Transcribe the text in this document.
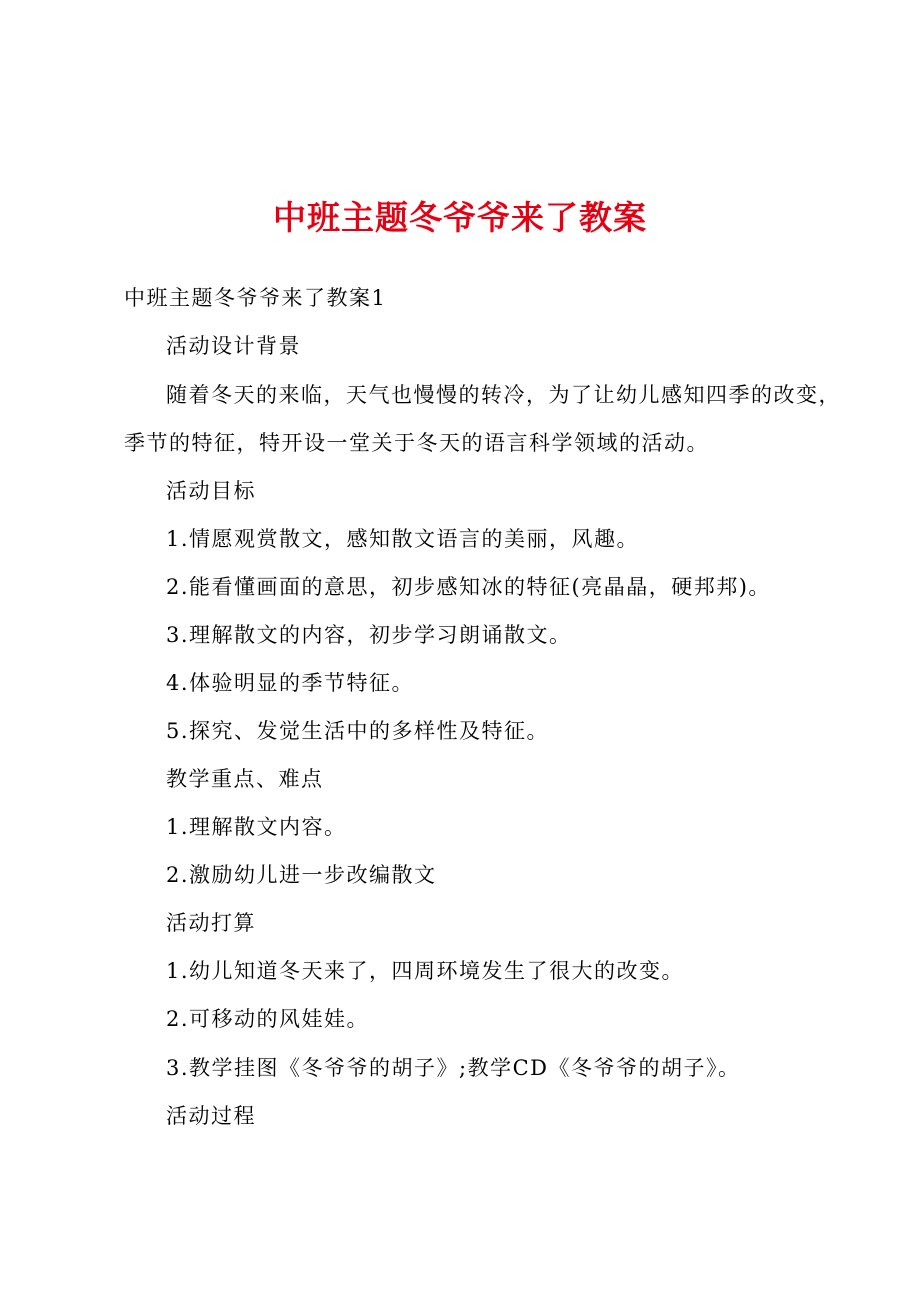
中班主题冬爷爷来了教案

中班主题冬爷爷来了教案1

活动设计背景

随着冬天的来临，天气也慢慢的转冷，为了让幼儿感知四季的改变，

季节的特征，特开设一堂关于冬天的语言科学领域的活动。

活动目标

1.情愿观赏散文，感知散文语言的美丽，风趣。

2.能看懂画面的意思，初步感知冰的特征(亮晶晶，硬邦邦)。

3.理解散文的内容，初步学习朗诵散文。

4.体验明显的季节特征。

5.探究、发觉生活中的多样性及特征。

教学重点、难点

1.理解散文内容。

2.激励幼儿进一步改编散文

活动打算

1.幼儿知道冬天来了，四周环境发生了很大的改变。

2.可移动的风娃娃。

3.教学挂图《冬爷爷的胡子》;教学CD《冬爷爷的胡子》。

活动过程
